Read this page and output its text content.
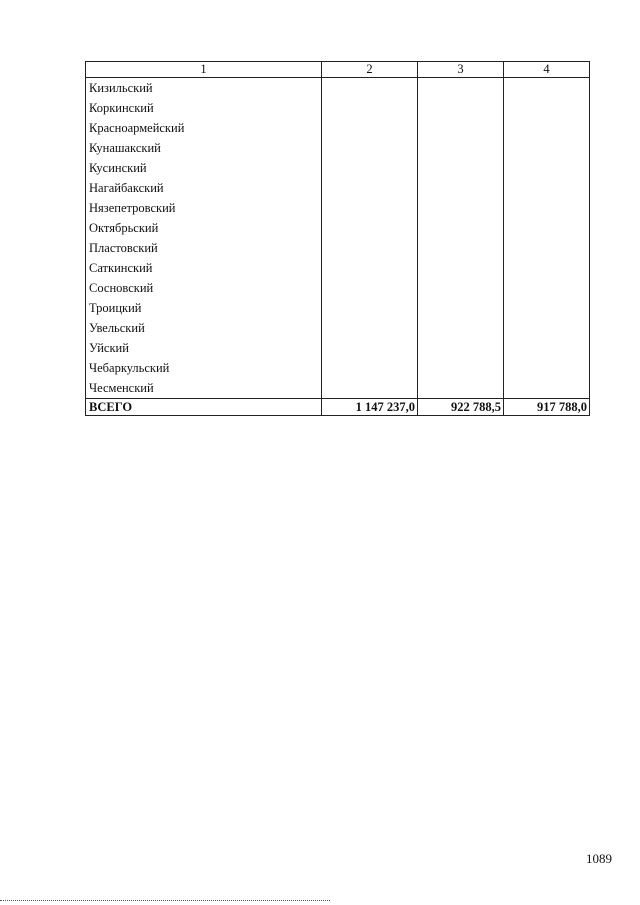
1	2	3	4
Кизильский			
Коркинский			
Красноармейский			
Кунашакский			
Кусинский			
Нагайбакский			
Нязепетровский			
Октябрьский			
Пластовский			
Саткинский			
Сосновский			
Троицкий			
Увельский			
Уйский			
Чебаркульский			
Чесменский			
ВСЕГО	1 147 237,0	922 788,5	917 788,0
1089
